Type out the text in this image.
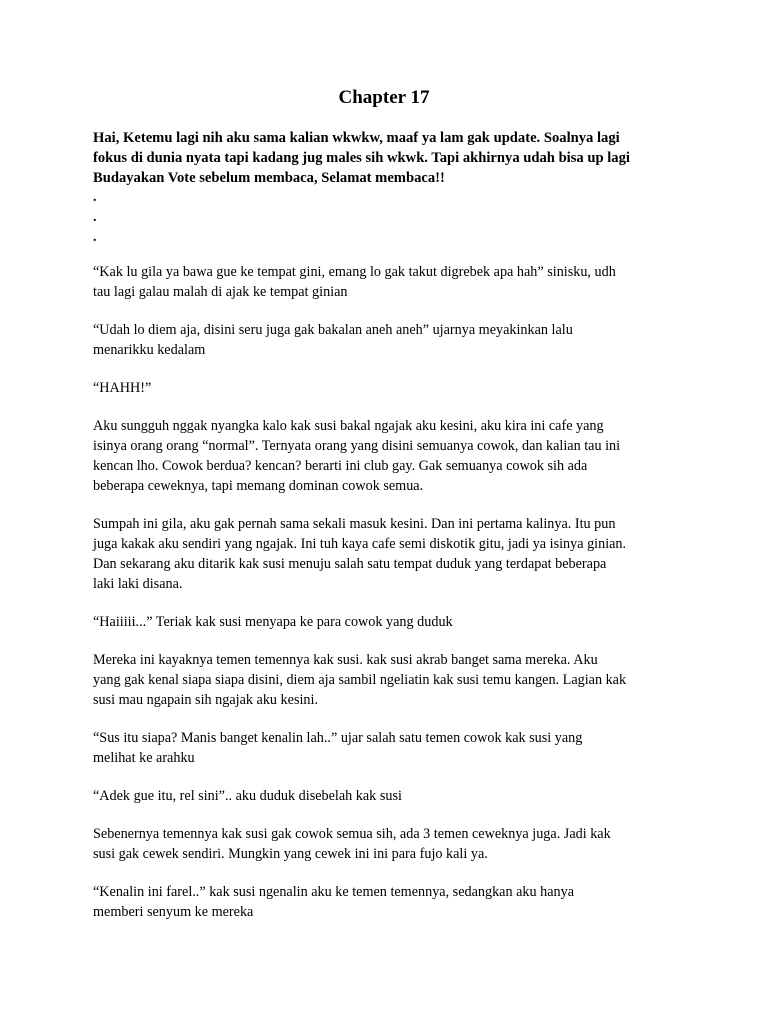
Chapter 17

Hai, Ketemu lagi nih aku sama kalian wkwkw, maaf ya lam gak update. Soalnya lagi

fokus di dunia nyata tapi kadang jug males sih wkwk. Tapi akhirnya udah bisa up lagi

Budayakan Vote sebelum membaca, Selamat membaca!!

.
.
.

“Kak lu gila ya bawa gue ke tempat gini, emang lo gak takut digrebek apa hah” sinisku, udh
tau lagi galau malah di ajak ke tempat ginian

“Udah lo diem aja, disini seru juga gak bakalan aneh aneh” ujarnya meyakinkan lalu
menarikku kedalam

“HAHH!”

Aku sungguh nggak nyangka kalo kak susi bakal ngajak aku kesini, aku kira ini cafe yang
isinya orang orang “normal”. Ternyata orang yang disini semuanya cowok, dan kalian tau ini
kencan lho. Cowok berdua? kencan? berarti ini club gay. Gak semuanya cowok sih ada
beberapa ceweknya, tapi memang dominan cowok semua.

Sumpah ini gila, aku gak pernah sama sekali masuk kesini. Dan ini pertama kalinya. Itu pun
juga kakak aku sendiri yang ngajak. Ini tuh kaya cafe semi diskotik gitu, jadi ya isinya ginian.
Dan sekarang aku ditarik kak susi menuju salah satu tempat duduk yang terdapat beberapa
laki laki disana.

“Haiiiii...” Teriak kak susi menyapa ke para cowok yang duduk

Mereka ini kayaknya temen temennya kak susi. kak susi akrab banget sama mereka. Aku
yang gak kenal siapa siapa disini, diem aja sambil ngeliatin kak susi temu kangen. Lagian kak
susi mau ngapain sih ngajak aku kesini.

“Sus itu siapa? Manis banget kenalin lah..” ujar salah satu temen cowok kak susi yang
melihat ke arahku

“Adek gue itu, rel sini”.. aku duduk disebelah kak susi

Sebenernya temennya kak susi gak cowok semua sih, ada 3 temen ceweknya juga. Jadi kak
susi gak cewek sendiri. Mungkin yang cewek ini ini para fujo kali ya.

“Kenalin ini farel..” kak susi ngenalin aku ke temen temennya, sedangkan aku hanya
memberi senyum ke mereka
